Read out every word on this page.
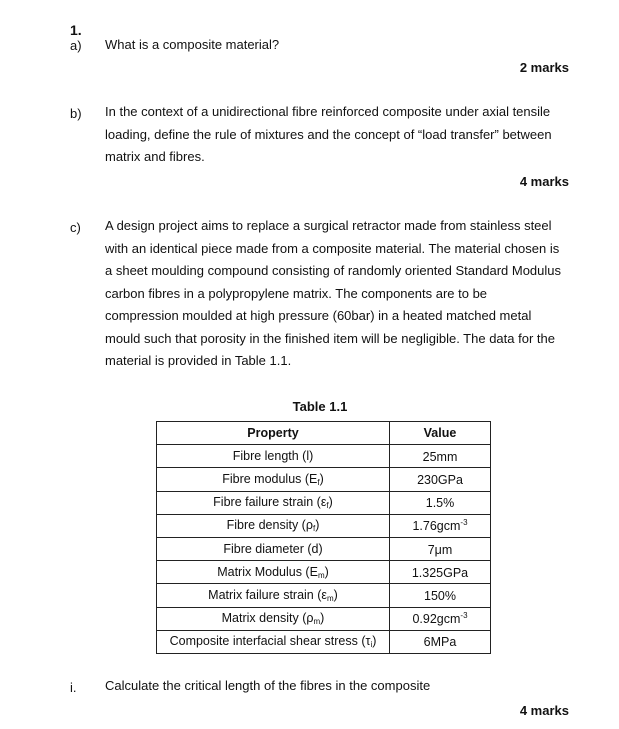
1.
a) What is a composite material?
2 marks
b) In the context of a unidirectional fibre reinforced composite under axial tensile
loading, define the rule of mixtures and the concept of “load transfer” between
matrix and fibres.
4 marks
c) A design project aims to replace a surgical retractor made from stainless steel
with an identical piece made from a composite material. The material chosen is
a sheet moulding compound consisting of randomly oriented Standard Modulus
carbon fibres in a polypropylene matrix. The components are to be
compression moulded at high pressure (60bar) in a heated matched metal
mould such that porosity in the finished item will be negligible. The data for the
material is provided in Table 1.1.
Table 1.1
Property	Value
Fibre length (l)	25mm
Fibre modulus $(E_f)$	230GPa
Fibre failure strain $(\varepsilon_f)$	1.5%
Fibre density $(\rho_f)$	1.76gcm$^{-3}$
Fibre diameter (d)	7μm
Matrix Modulus $(E_m)$	1.325GPa
Matrix failure strain $(\varepsilon_m)$	150%
Matrix density $(\rho_m)$	0.92gcm$^{-3}$
Composite interfacial shear stress $(\tau_i)$	6MPa
i. Calculate the critical length of the fibres in the composite
4 marks
